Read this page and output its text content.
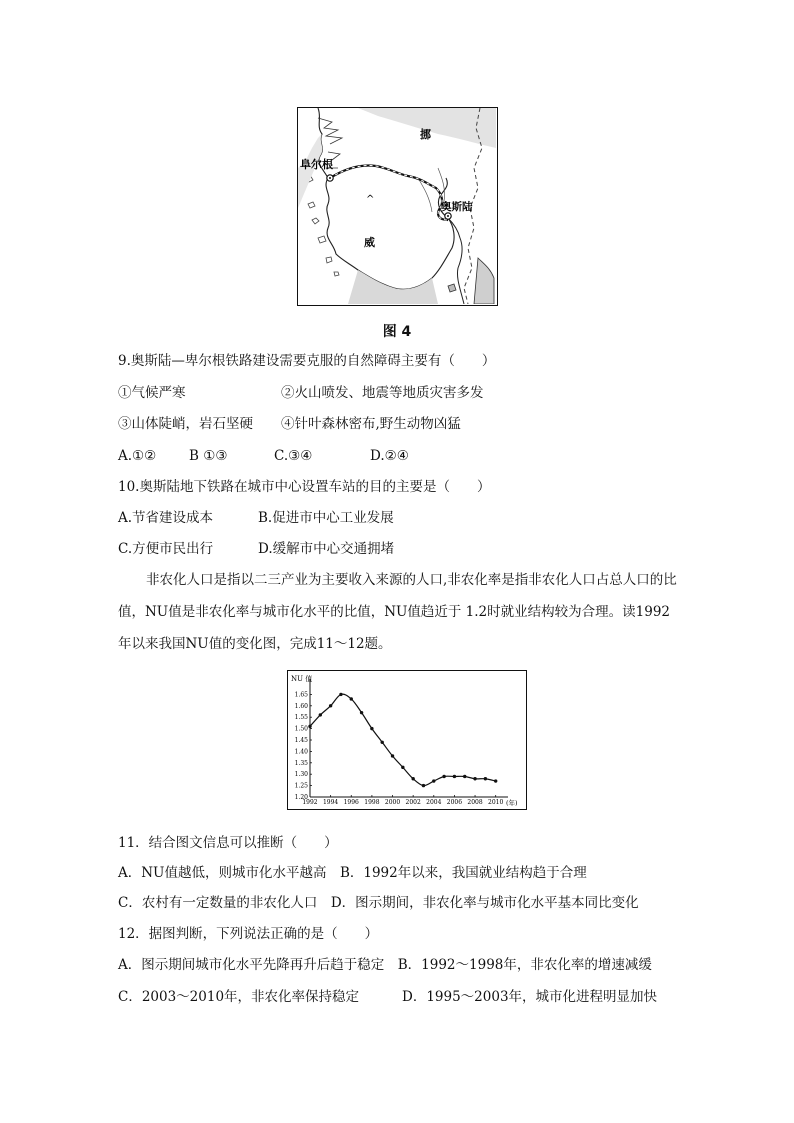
挪
阜尔根
奥斯陆
^
威
图 4
9.奥斯陆—卑尔根铁路建设需要克服的自然障碍主要有（　　）
①气候严寒	②火山喷发、地震等地质灾害多发
③山体陡峭，岩石坚硬 ④针叶森林密布,野生动物凶猛
A.①② B ①③	C.③④	D.②④
10.奥斯陆地下铁路在城市中心设置车站的目的主要是（　　）
A.节省建设成本	B.促进市中心工业发展
C.方便市民出行	D.缓解市中心交通拥堵
非农化人口是指以二三产业为主要收入来源的人口,非农化率是指非农化人口占总人口的比值，NU值是非农化率与城市化水平的比值，NU值趋近于 1.2时就业结构较为合理。读1992年以来我国NU值的变化图，完成11～12题。
1.20
1.25
1.30
1.35
1.40
1.45
1.50
1.55
1.60
1.65
1992 1994 1996 1998 2000 2002 2004 2006 2008 2010
NU 值
(年)
11．结合图文信息可以推断（　　）
A．NU值越低，则城市化水平越高　B．1992年以来，我国就业结构趋于合理
C．农村有一定数量的非农化人口　D．图示期间，非农化率与城市化水平基本同比变化
12．据图判断，下列说法正确的是（　　）
A．图示期间城市化水平先降再升后趋于稳定　B．1992～1998年，非农化率的增速减缓
C．2003～2010年，非农化率保持稳定	D．1995～2003年，城市化进程明显加快
